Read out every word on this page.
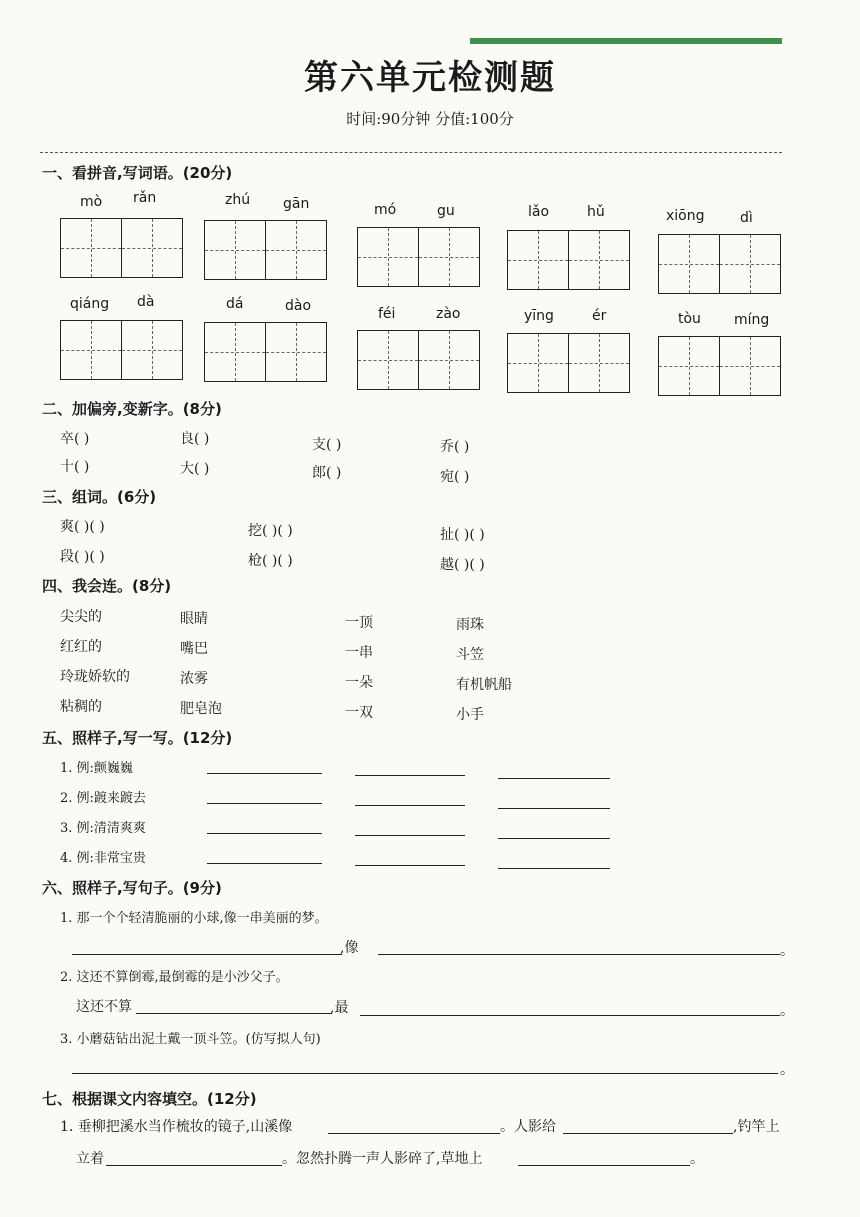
第六单元检测题
时间:90分钟 分值:100分
一、看拼音,写词语。(20分)
mò rǎn	zhú gān	mó	gu	lǎo	hǔ	xiōng	dì
qiáng dà	dá	dào	féi	zào	yīng	ér	tòu míng
二、加偏旁,变新字。(8分)
卒( )	良( )	支( )	乔( )
十( )	大( )	郎( )	宛( )
三、组词。(6分)
爽( )( )	挖( )( )	扯( )( )
段( )( )	枪( )( )	越( )( )
四、我会连。(8分)
尖尖的
红红的
玲珑娇软的
粘稠的
眼睛
嘴巴
浓雾
肥皂泡
一顶
一串
一朵
一双
雨珠
斗笠
有机帆船
小手
五、照样子,写一写。(12分)
1. 例:颤巍巍
2. 例:踱来踱去
3. 例:清清爽爽
4. 例:非常宝贵
六、照样子,写句子。(9分)
1. 那一个个轻清脆丽的小球,像一串美丽的梦。
,像	。
2. 这还不算倒霉,最倒霉的是小沙父子。
这还不算	,最	。
3. 小蘑菇钻出泥土戴一顶斗笠。(仿写拟人句)
。
七、根据课文内容填空。(12分)
1. 垂柳把溪水当作梳妆的镜子,山溪像	。人影给	,钓竿上
立着	。忽然扑腾一声人影碎了,草地上	。
